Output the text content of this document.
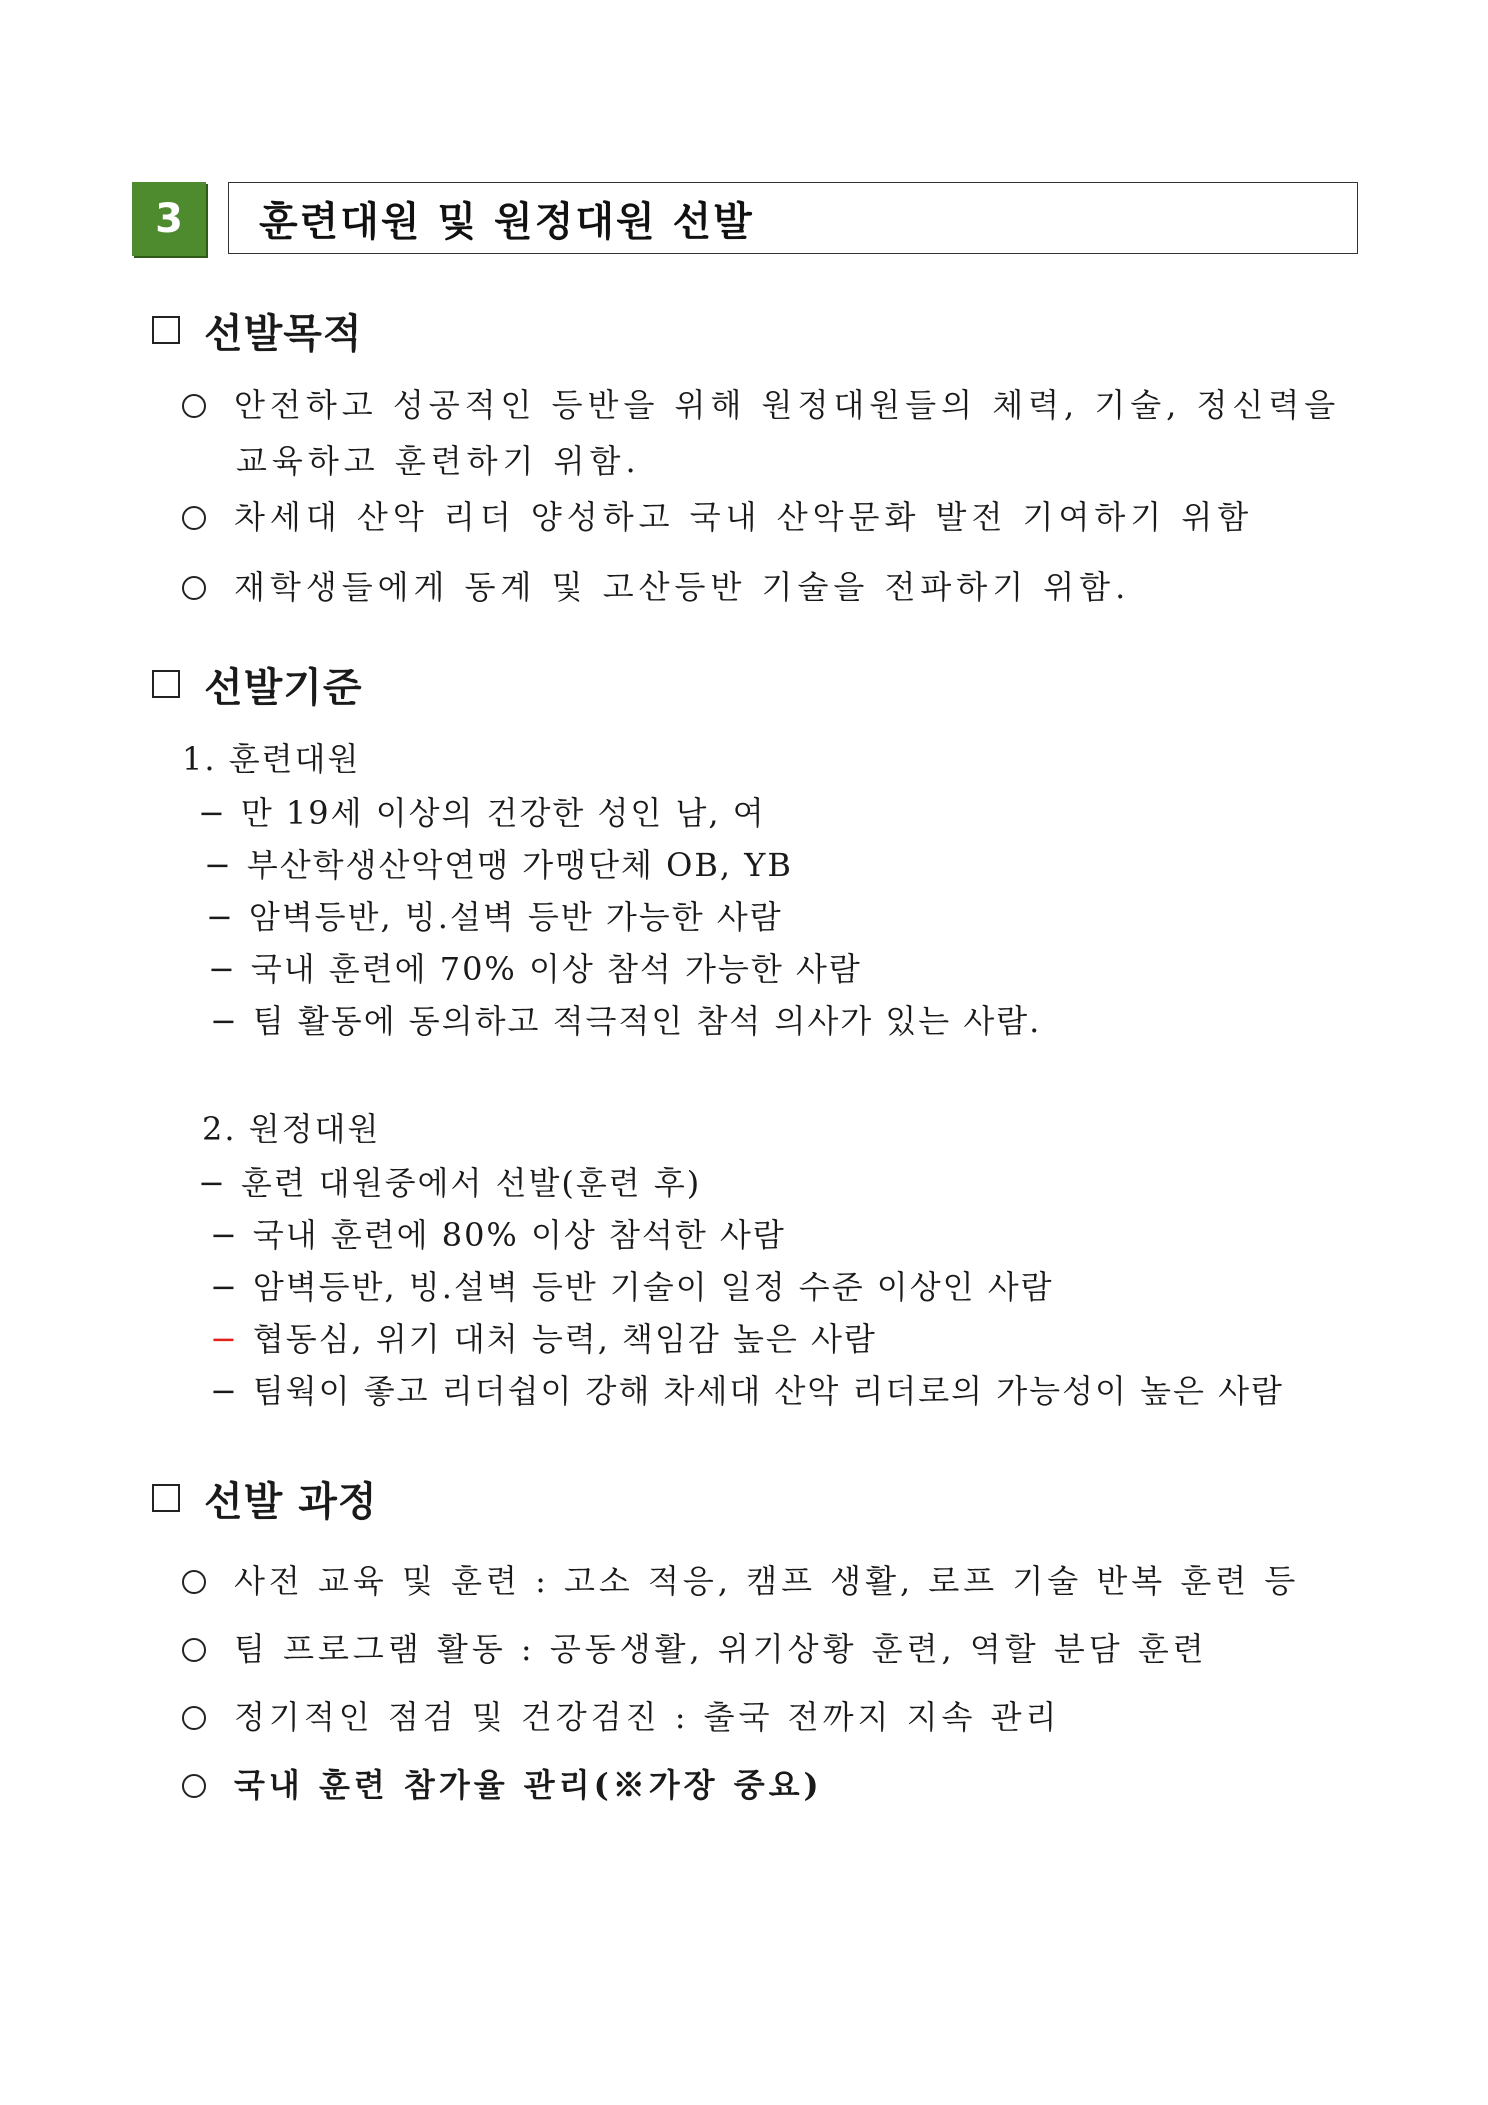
3	훈련대원 및 원정대원 선발
선발목적
안전하고 성공적인 등반을 위해 원정대원들의 체력, 기술, 정신력을
교육하고 훈련하기 위함.
차세대 산악 리더 양성하고 국내 산악문화 발전 기여하기 위함
재학생들에게 동계 및 고산등반 기술을 전파하기 위함.
선발기준
1. 훈련대원
− 만 19세 이상의 건강한 성인 남, 여
− 부산학생산악연맹 가맹단체 OB, YB
− 암벽등반, 빙.설벽 등반 가능한 사람
− 국내 훈련에 70% 이상 참석 가능한 사람
− 팀 활동에 동의하고 적극적인 참석 의사가 있는 사람.
2. 원정대원
− 훈련 대원중에서 선발(훈련 후)
− 국내 훈련에 80% 이상 참석한 사람
− 암벽등반, 빙.설벽 등반 기술이 일정 수준 이상인 사람
− 협동심, 위기 대처 능력, 책임감 높은 사람
− 팀웍이 좋고 리더쉽이 강해 차세대 산악 리더로의 가능성이 높은 사람
선발 과정
사전 교육 및 훈련 : 고소 적응, 캠프 생활, 로프 기술 반복 훈련 등
팀 프로그램 활동 : 공동생활, 위기상황 훈련, 역할 분담 훈련
정기적인 점검 및 건강검진 : 출국 전까지 지속 관리
국내 훈련 참가율 관리(※가장 중요)
